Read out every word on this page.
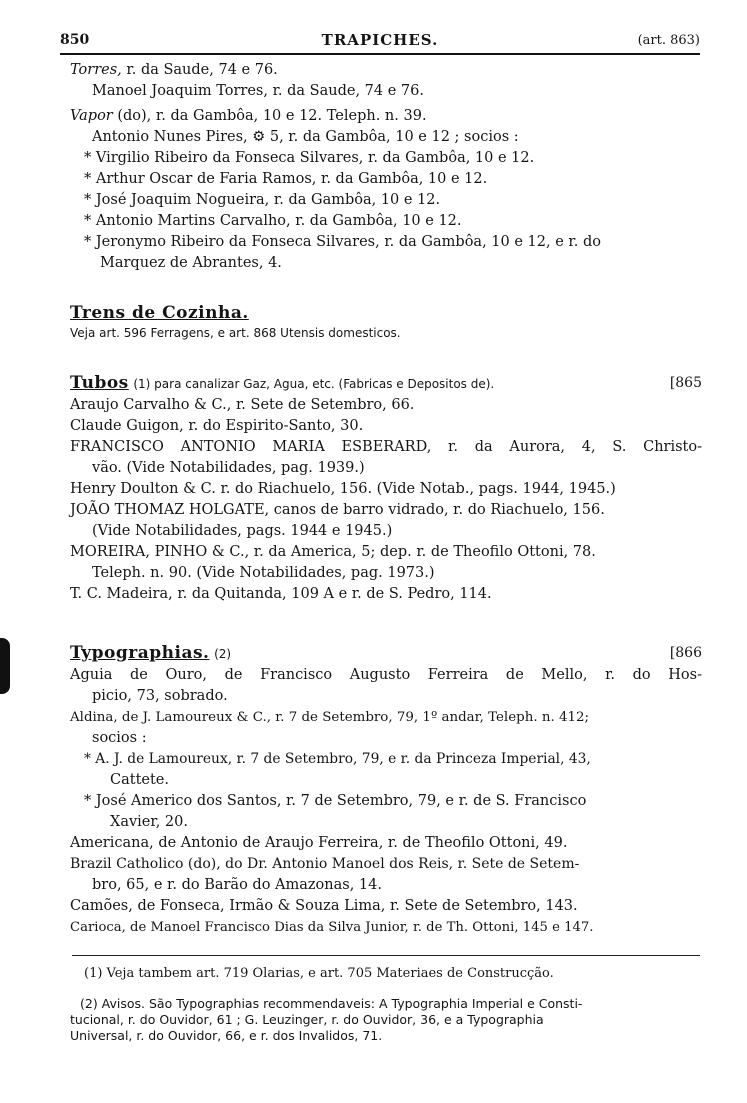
850	TRAPICHES.	(art. 863)
Torres, r. da Saude, 74 e 76.
Manoel Joaquim Torres, r. da Saude, 74 e 76.
Vapor (do), r. da Gambôa, 10 e 12. Teleph. n. 39.
Antonio Nunes Pires, ⚙ 5, r. da Gambôa, 10 e 12 ; socios :
* Virgilio Ribeiro da Fonseca Silvares, r. da Gambôa, 10 e 12.
* Arthur Oscar de Faria Ramos, r. da Gambôa, 10 e 12.
* José Joaquim Nogueira, r. da Gambôa, 10 e 12.
* Antonio Martins Carvalho, r. da Gambôa, 10 e 12.
* Jeronymo Ribeiro da Fonseca Silvares, r. da Gambôa, 10 e 12, e r. do
Marquez de Abrantes, 4.
Trens de Cozinha.
Veja art. 596 Ferragens, e art. 868 Utensis domesticos.
Tubos (1) para canalizar Gaz, Agua, etc. (Fabricas e Depositos de).	[865
Araujo Carvalho & C., r. Sete de Setembro, 66.
Claude Guigon, r. do Espirito-Santo, 30.
FRANCISCO ANTONIO MARIA ESBERARD, r. da Aurora, 4, S. Christo-
vão. (Vide Notabilidades, pag. 1939.)
Henry Doulton & C. r. do Riachuelo, 156. (Vide Notab., pags. 1944, 1945.)
JOÃO THOMAZ HOLGATE, canos de barro vidrado, r. do Riachuelo, 156.
(Vide Notabilidades, pags. 1944 e 1945.)
MOREIRA, PINHO & C., r. da America, 5; dep. r. de Theofilo Ottoni, 78.
Teleph. n. 90. (Vide Notabilidades, pag. 1973.)
T. C. Madeira, r. da Quitanda, 109 A e r. de S. Pedro, 114.
Typographias. (2)	[866
Aguia de Ouro, de Francisco Augusto Ferreira de Mello, r. do Hos-
picio, 73, sobrado.
Aldina, de J. Lamoureux & C., r. 7 de Setembro, 79, 1º andar, Teleph. n. 412;
socios :
* A. J. de Lamoureux, r. 7 de Setembro, 79, e r. da Princeza Imperial, 43,
Cattete.
* José Americo dos Santos, r. 7 de Setembro, 79, e r. de S. Francisco
Xavier, 20.
Americana, de Antonio de Araujo Ferreira, r. de Theofilo Ottoni, 49.
Brazil Catholico (do), do Dr. Antonio Manoel dos Reis, r. Sete de Setem-
bro, 65, e r. do Barão do Amazonas, 14.
Camões, de Fonseca, Irmão & Souza Lima, r. Sete de Setembro, 143.
Carioca, de Manoel Francisco Dias da Silva Junior, r. de Th. Ottoni, 145 e 147.
(1) Veja tambem art. 719 Olarias, e art. 705 Materiaes de Construcção.
(2) Avisos. São Typographias recommendaveis: A Typographia Imperial e Consti-
tucional, r. do Ouvidor, 61 ; G. Leuzinger, r. do Ouvidor, 36, e a Typographia
Universal, r. do Ouvidor, 66, e r. dos Invalidos, 71.
